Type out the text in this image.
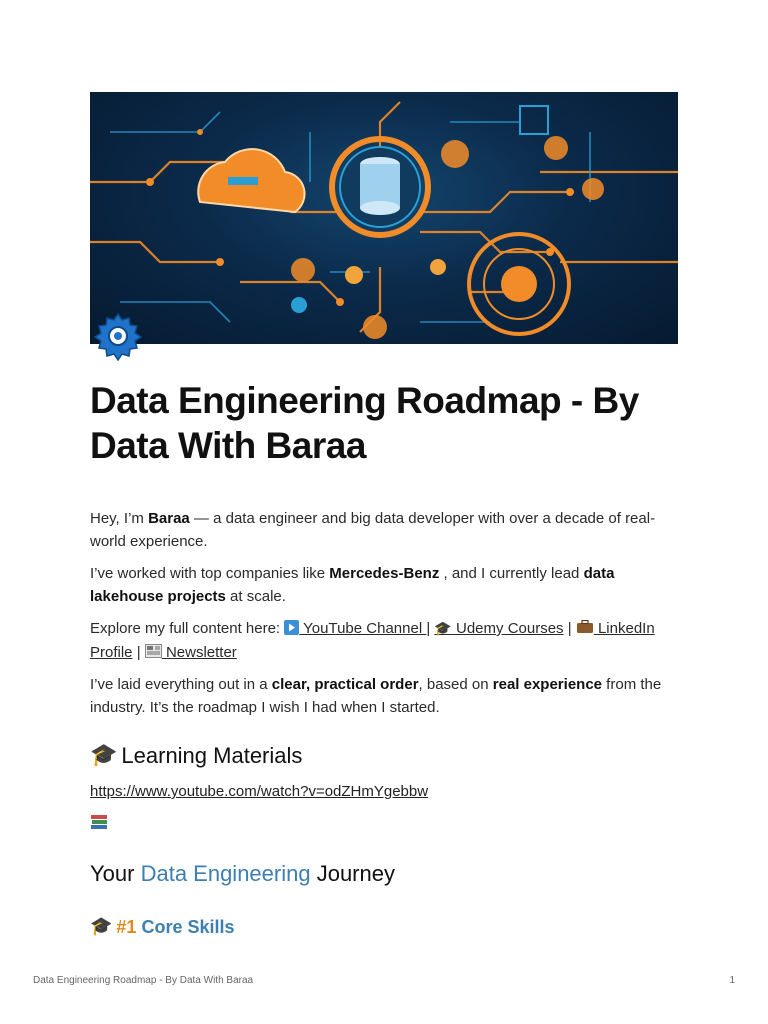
Data Engineering Roadmap - By Data With Baraa

Hey, I’m Baraa — a data engineer and big data developer with over a decade of real-world experience.

I’ve worked with top companies like Mercedes-Benz , and I currently lead data lakehouse projects at scale.

Explore my full content here:  YouTube Channel | 🎓 Udemy Courses | LinkedIn Profile |  Newsletter

I’ve laid everything out in a clear, practical order, based on real experience from the industry. It’s the roadmap I wish I had when I started.

🎓 Learning Materials
https://www.youtube.com/watch?v=odZHmYgebbw
Your Data Engineering Journey
🎓 #1 Core Skills
Data Engineering Roadmap - By Data With Baraa	1
